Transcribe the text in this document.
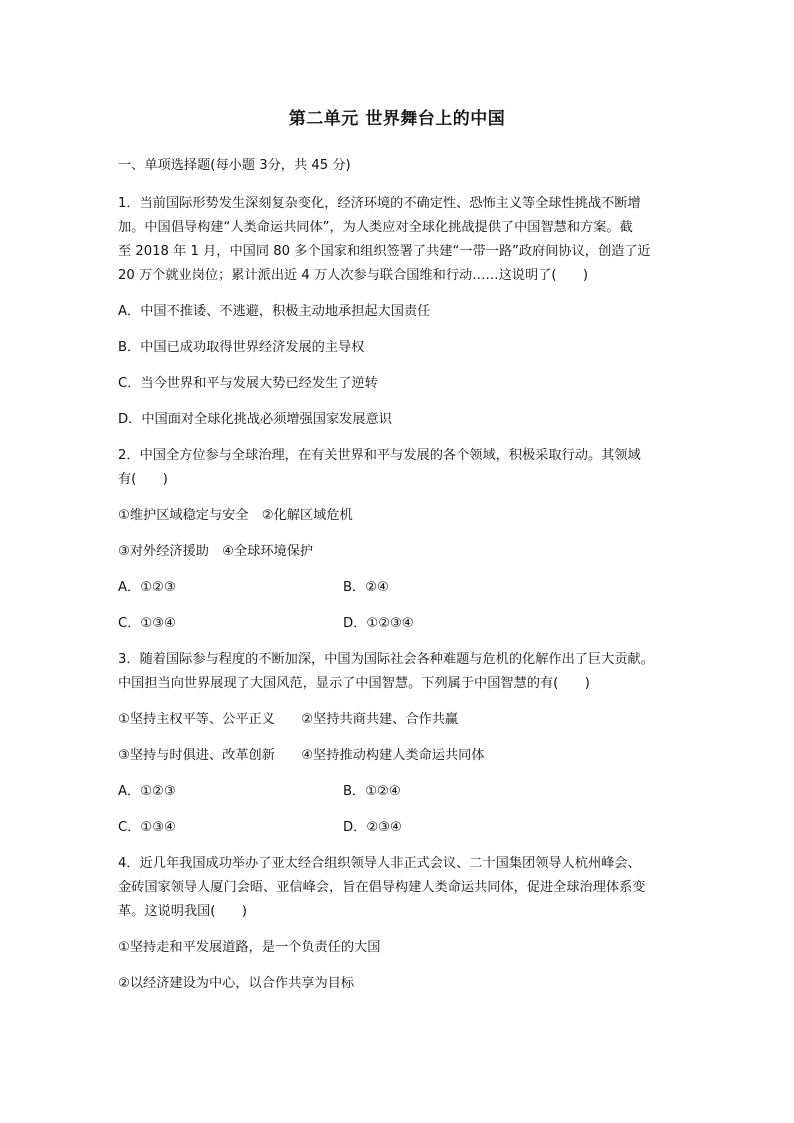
第二单元 世界舞台上的中国

一、单项选择题(每小题 3分，共 45 分)

1．当前国际形势发生深刻复杂变化，经济环境的不确定性、恐怖主义等全球性挑战不断增

加。中国倡导构建“人类命运共同体”，为人类应对全球化挑战提供了中国智慧和方案。截

至 2018 年 1 月，中国同 80 多个国家和组织签署了共建“一带一路”政府间协议，创造了近

20 万个就业岗位；累计派出近 4 万人次参与联合国维和行动……这说明了(　　)

A．中国不推诿、不逃避，积极主动地承担起大国责任

B．中国已成功取得世界经济发展的主导权

C．当今世界和平与发展大势已经发生了逆转

D．中国面对全球化挑战必须增强国家发展意识

2．中国全方位参与全球治理，在有关世界和平与发展的各个领域，积极采取行动。其领域

有(　　)

①维护区域稳定与安全　②化解区域危机

③对外经济援助　④全球环境保护

A．①②③	B．②④
C．①③④	D．①②③④

3．随着国际参与程度的不断加深，中国为国际社会各种难题与危机的化解作出了巨大贡献。

中国担当向世界展现了大国风范，显示了中国智慧。下列属于中国智慧的有(　　)

①坚持主权平等、公平正义　　②坚持共商共建、合作共赢

③坚持与时俱进、改革创新　　④坚持推动构建人类命运共同体

A．①②③	B．①②④
C．①③④	D．②③④

4．近几年我国成功举办了亚太经合组织领导人非正式会议、二十国集团领导人杭州峰会、

金砖国家领导人厦门会晤、亚信峰会，旨在倡导构建人类命运共同体，促进全球治理体系变

革。这说明我国(　　)

①坚持走和平发展道路，是一个负责任的大国

②以经济建设为中心，以合作共享为目标
